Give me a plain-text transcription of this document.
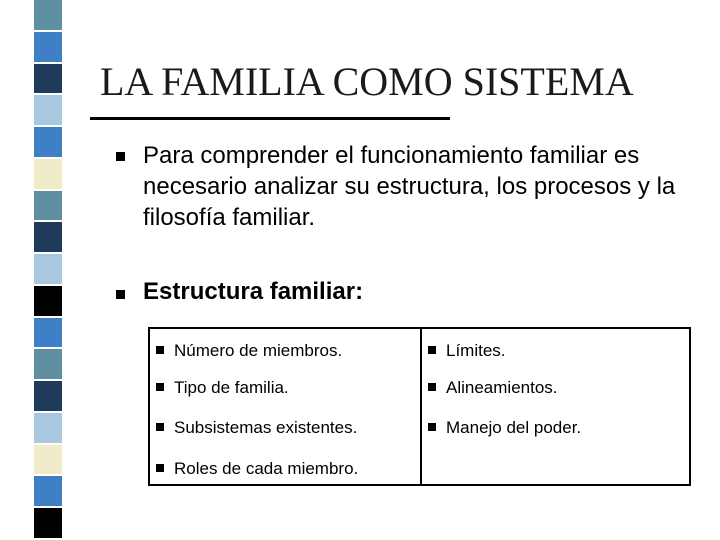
LA FAMILIA COMO SISTEMA
Para comprender el funcionamiento familiar es necesario analizar su estructura, los procesos y la filosofía familiar.
Estructura familiar:
Número de miembros.
Tipo de familia.
Subsistemas existentes.
Roles de cada miembro.
Límites.
Alineamientos.
Manejo del poder.
